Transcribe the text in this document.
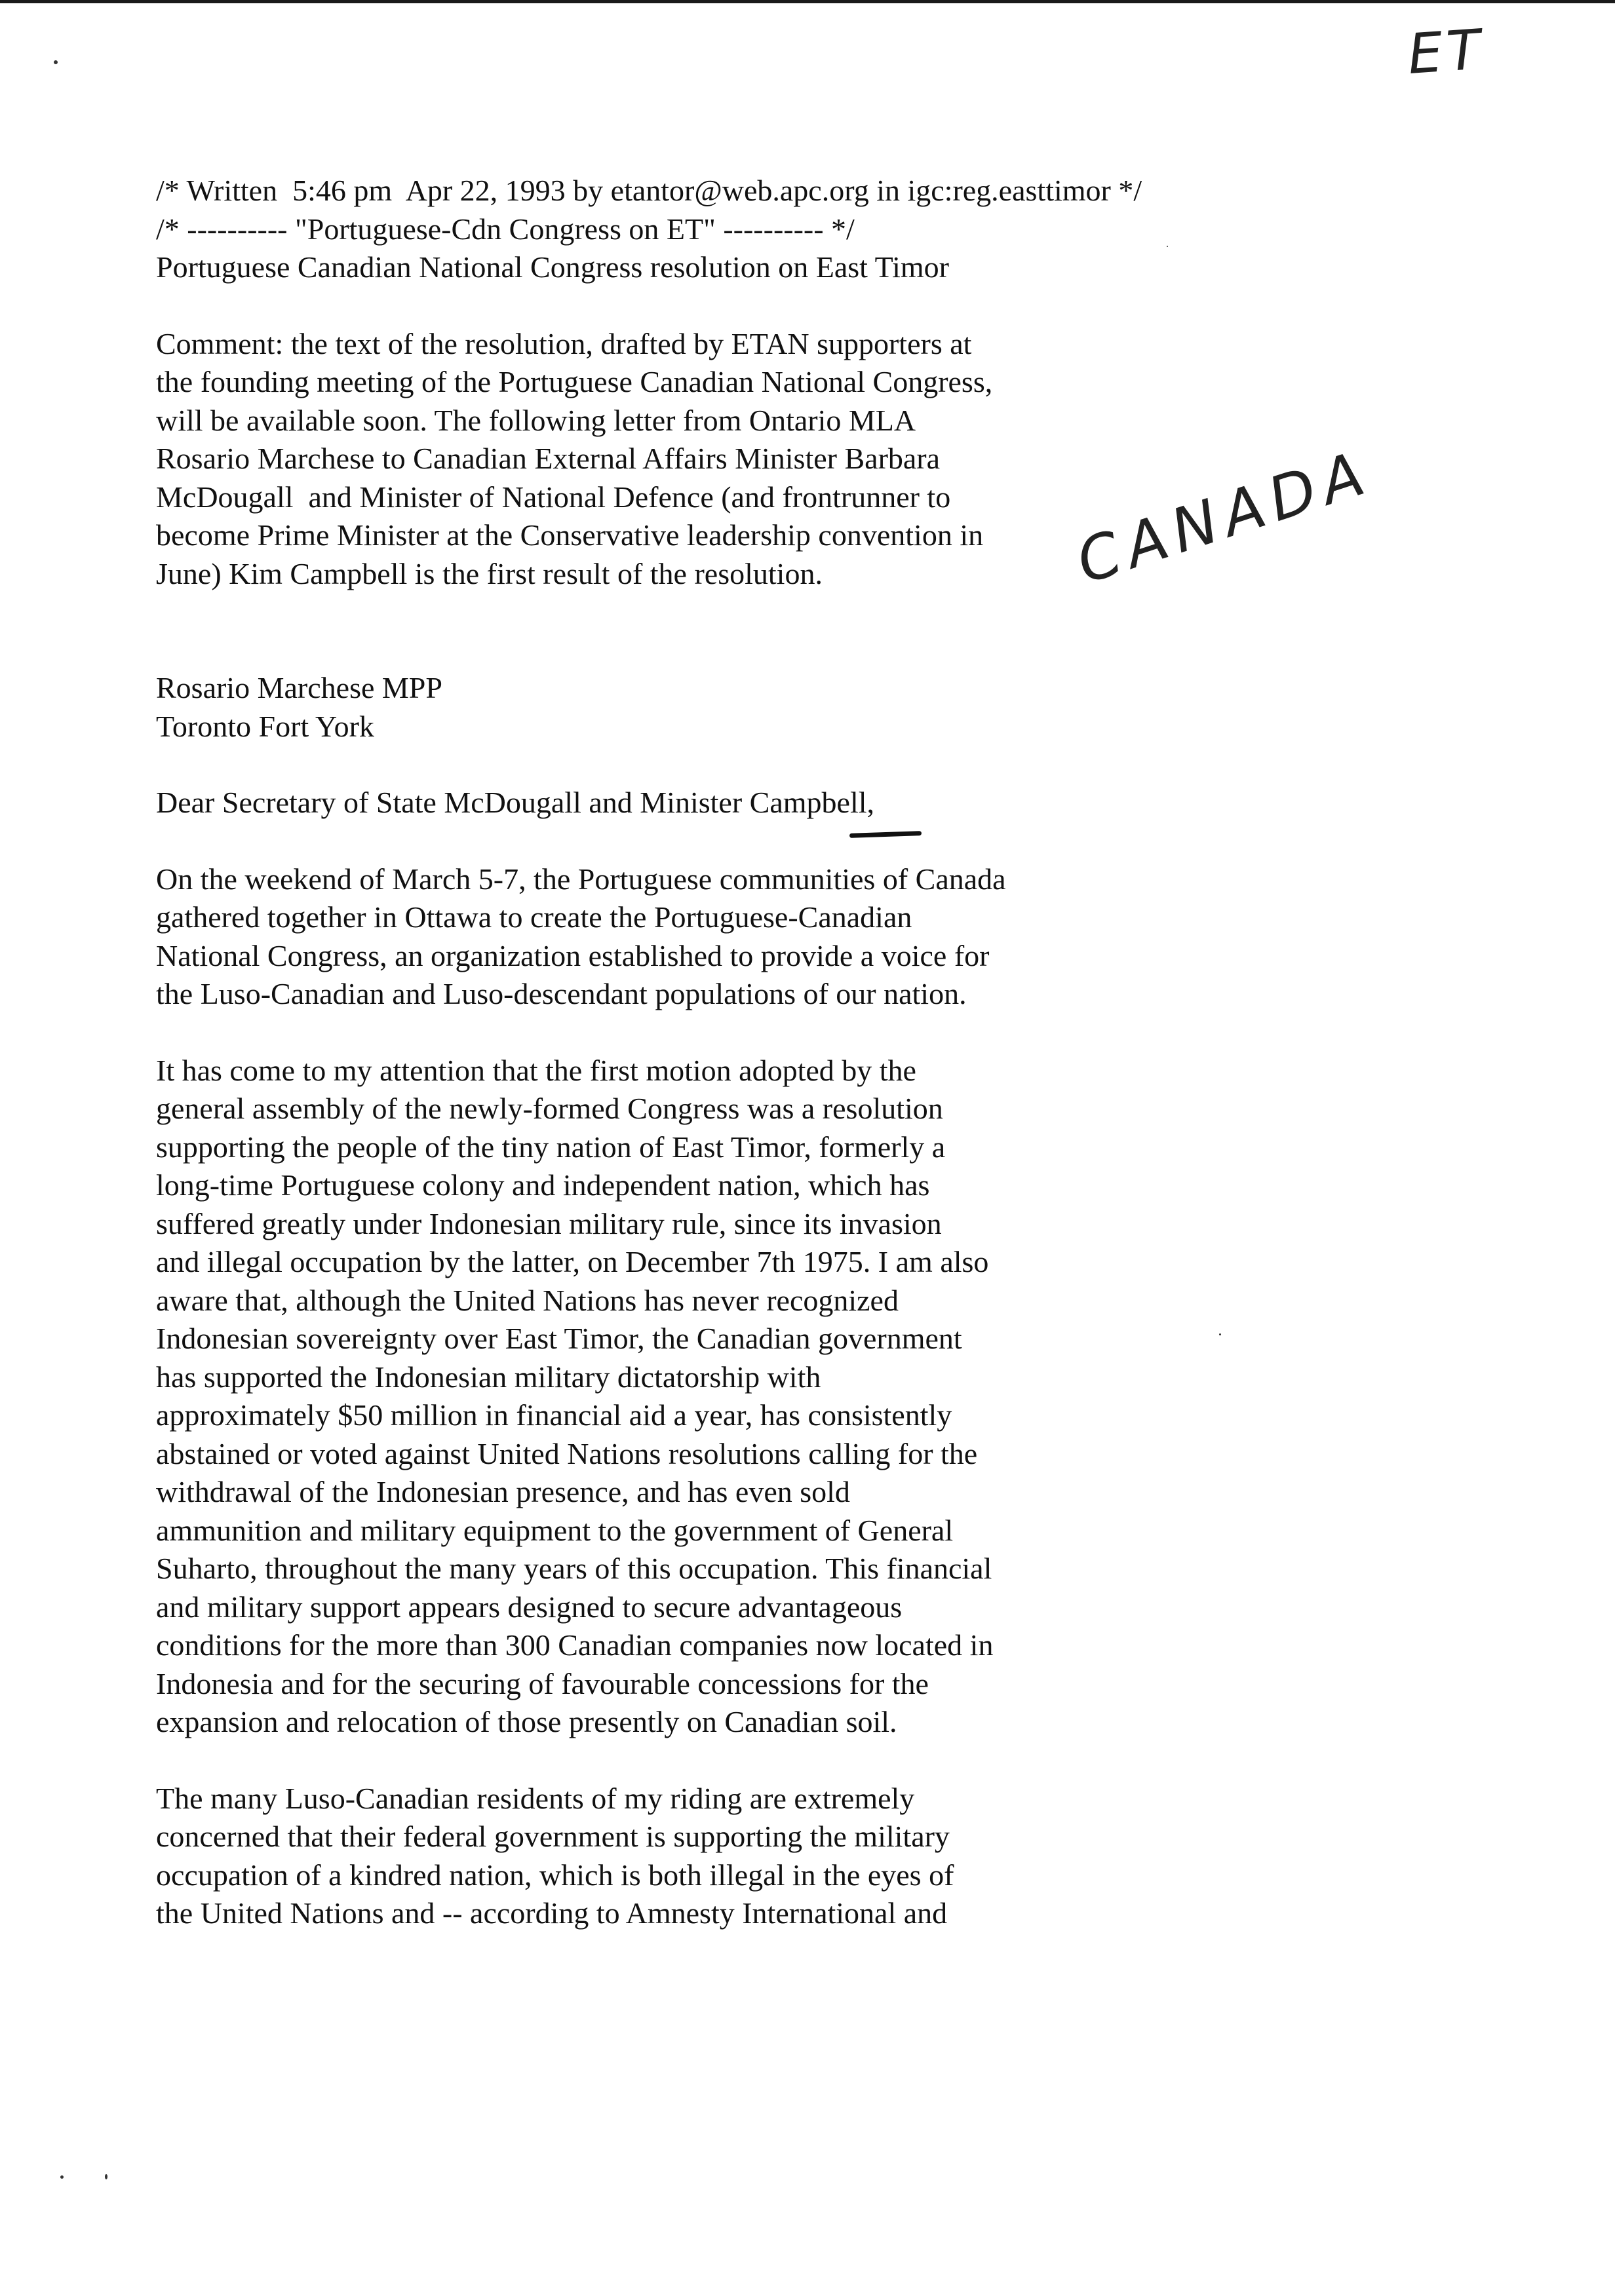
ET
CANADA
/* Written  5:46 pm  Apr 22, 1993 by etantor@web.apc.org in igc:reg.easttimor */
/* ---------- "Portuguese-Cdn Congress on ET" ---------- */
Portuguese Canadian National Congress resolution on East Timor
Comment: the text of the resolution, drafted by ETAN supporters at
the founding meeting of the Portuguese Canadian National Congress,
will be available soon. The following letter from Ontario MLA
Rosario Marchese to Canadian External Affairs Minister Barbara
McDougall  and Minister of National Defence (and frontrunner to
become Prime Minister at the Conservative leadership convention in
June) Kim Campbell is the first result of the resolution.
Rosario Marchese MPP
Toronto Fort York
Dear Secretary of State McDougall and Minister Campbell,
On the weekend of March 5-7, the Portuguese communities of Canada
gathered together in Ottawa to create the Portuguese-Canadian
National Congress, an organization established to provide a voice for
the Luso-Canadian and Luso-descendant populations of our nation.
It has come to my attention that the first motion adopted by the
general assembly of the newly-formed Congress was a resolution
supporting the people of the tiny nation of East Timor, formerly a
long-time Portuguese colony and independent nation, which has
suffered greatly under Indonesian military rule, since its invasion
and illegal occupation by the latter, on December 7th 1975. I am also
aware that, although the United Nations has never recognized
Indonesian sovereignty over East Timor, the Canadian government
has supported the Indonesian military dictatorship with
approximately $50 million in financial aid a year, has consistently
abstained or voted against United Nations resolutions calling for the
withdrawal of the Indonesian presence, and has even sold
ammunition and military equipment to the government of General
Suharto, throughout the many years of this occupation. This financial
and military support appears designed to secure advantageous
conditions for the more than 300 Canadian companies now located in
Indonesia and for the securing of favourable concessions for the
expansion and relocation of those presently on Canadian soil.
The many Luso-Canadian residents of my riding are extremely
concerned that their federal government is supporting the military
occupation of a kindred nation, which is both illegal in the eyes of
the United Nations and -- according to Amnesty International and
